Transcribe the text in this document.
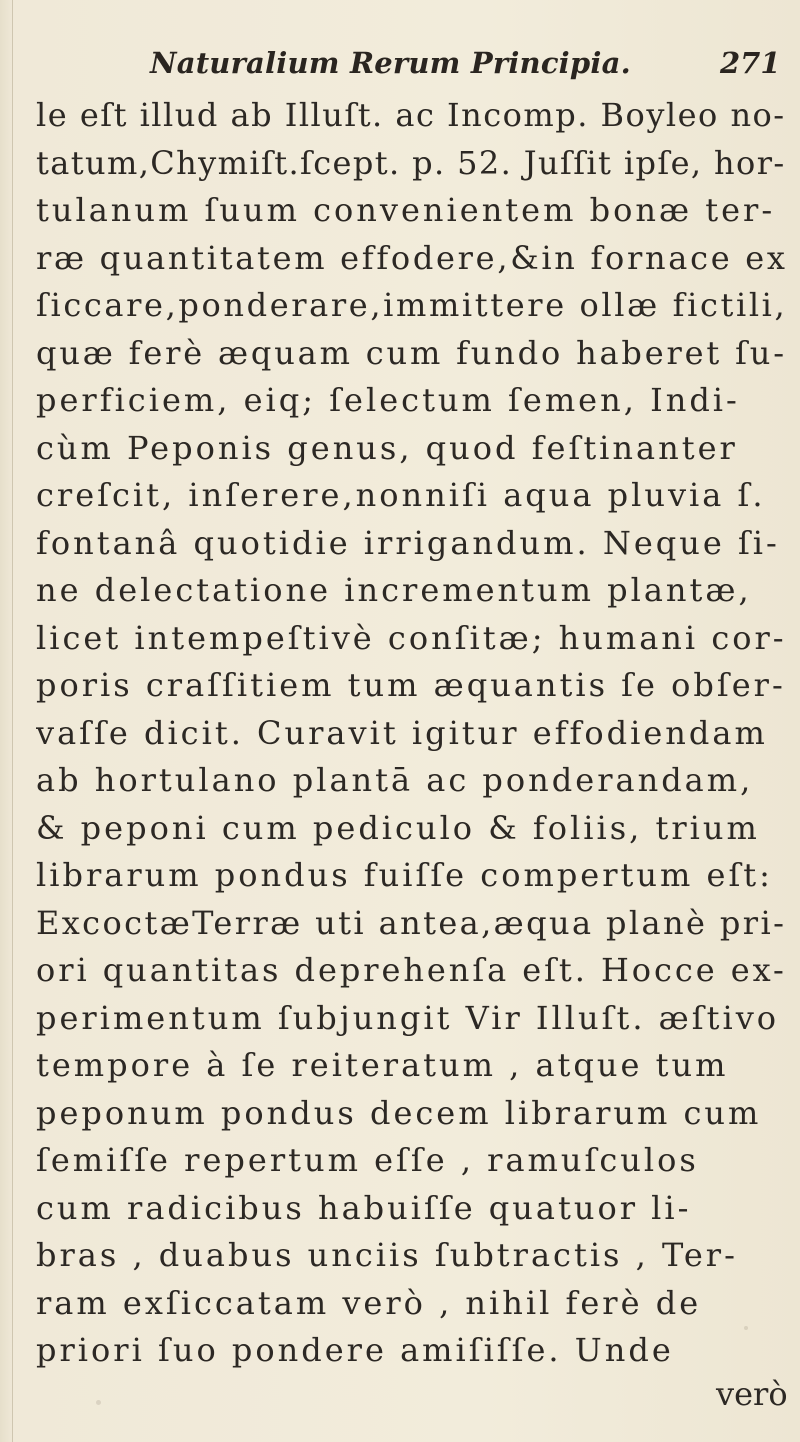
Naturalium Rerum Principia.	271
le eſt illud ab Illuſt. ac Incomp. Boyleo no-
tatum,Chymiſt.ſcept. p. 52. Juſſit ipſe, hor-
tulanum ſuum convenientem bonæ ter-
ræ quantitatem effodere,&in fornace ex
ſiccare,ponderare,immittere ollæ fictili,
quæ ferè æquam cum fundo haberet ſu-
perficiem, eiq; ſelectum ſemen, Indi-
cùm Peponis genus, quod feſtinanter
creſcit, inſerere,nonniſi aqua pluvia ſ.
fontanâ quotidie irrigandum. Neque ſi-
ne delectatione incrementum plantæ,
licet intempeſtivè conſitæ; humani cor-
poris craſſitiem tum æquantis ſe obſer-
vaſſe dicit. Curavit igitur effodiendam
ab hortulano plantā ac ponderandam,
& peponi cum pediculo & foliis, trium
librarum pondus fuiſſe compertum eſt:
ExcoctæTerræ uti antea,æqua planè pri-
ori quantitas deprehenſa eſt. Hocce ex-
perimentum ſubjungit Vir Illuſt. æſtivo
tempore à ſe reiteratum , atque tum
peponum pondus decem librarum cum
ſemiſſe repertum eſſe , ramuſculos
cum radicibus habuiſſe quatuor li-
bras , duabus unciis ſubtractis , Ter-
ram exſiccatam verò , nihil ferè de
priori ſuo pondere amiſiſſe. Unde
verò
